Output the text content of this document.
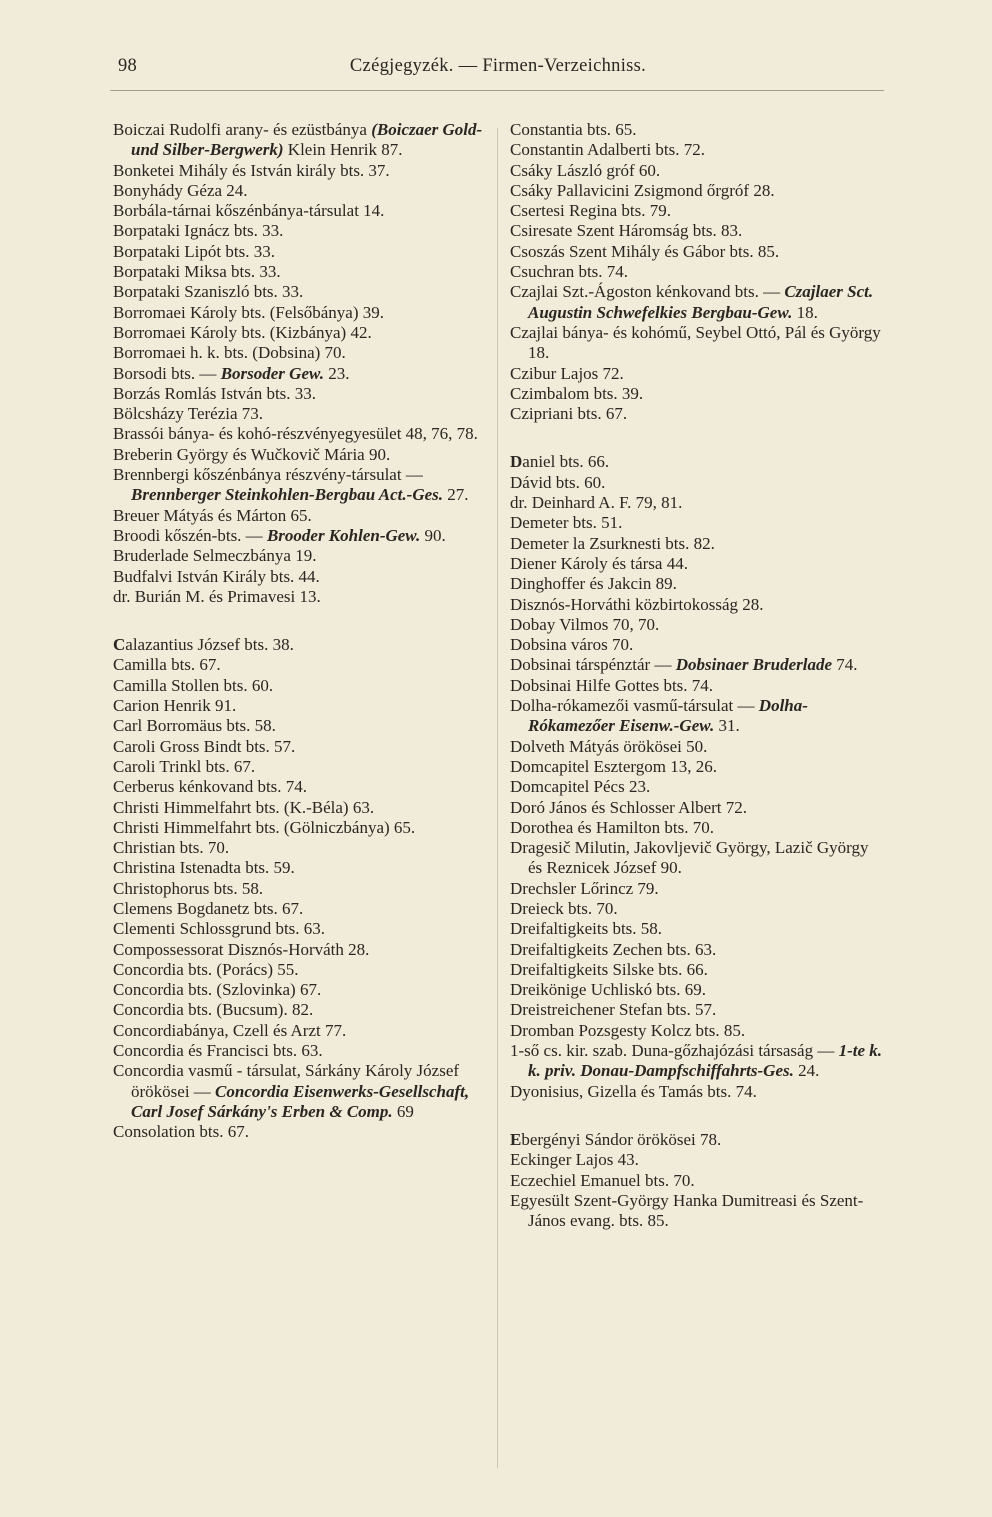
98	Czégjegyzék. — Firmen-Verzeichniss.

Boiczai Rudolfi arany- és ezüstbánya (Boiczaer Gold- und Silber-Bergwerk) Klein Henrik 87.

Bonketei Mihály és István király bts. 37.

Bonyhády Géza 24.

Borbála-tárnai kőszénbánya-társulat 14.

Borpataki Ignácz bts. 33.

Borpataki Lipót bts. 33.

Borpataki Miksa bts. 33.

Borpataki Szaniszló bts. 33.

Borromaei Károly bts. (Felsőbánya) 39.

Borromaei Károly bts. (Kizbánya) 42.

Borromaei h. k. bts. (Dobsina) 70.

Borsodi bts. — Borsoder Gew. 23.

Borzás Romlás István bts. 33.

Bölcsházy Terézia 73.

Brassói bánya- és kohó-részvényegyesület 48, 76, 78.

Breberin György és Wučkovič Mária 90.

Brennbergi kőszénbánya részvény-társulat — Brennberger Steinkohlen-Bergbau Act.-Ges. 27.

Breuer Mátyás és Márton 65.

Broodi kőszén-bts. — Brooder Kohlen-Gew. 90.

Bruderlade Selmeczbánya 19.

Budfalvi István Király bts. 44.

dr. Burián M. és Primavesi 13.

Calazantius József bts. 38.

Camilla bts. 67.

Camilla Stollen bts. 60.

Carion Henrik 91.

Carl Borromäus bts. 58.

Caroli Gross Bindt bts. 57.

Caroli Trinkl bts. 67.

Cerberus kénkovand bts. 74.

Christi Himmelfahrt bts. (K.-Béla) 63.

Christi Himmelfahrt bts. (Gölniczbánya) 65.

Christian bts. 70.

Christina Istenadta bts. 59.

Christophorus bts. 58.

Clemens Bogdanetz bts. 67.

Clementi Schlossgrund bts. 63.

Compossessorat Disznós-Horváth 28.

Concordia bts. (Porács) 55.

Concordia bts. (Szlovinka) 67.

Concordia bts. (Bucsum). 82.

Concordiabánya, Czell és Arzt 77.

Concordia és Francisci bts. 63.

Concordia vasmű - társulat, Sárkány Károly József örökösei — Concordia Eisenwerks-Gesellschaft, Carl Josef Sárkány's Erben & Comp. 69

Consolation bts. 67.

Constantia bts. 65.

Constantin Adalberti bts. 72.

Csáky László gróf 60.

Csáky Pallavicini Zsigmond őrgróf 28.

Csertesi Regina bts. 79.

Csiresate Szent Háromság bts. 83.

Csoszás Szent Mihály és Gábor bts. 85.

Csuchran bts. 74.

Czajlai Szt.-Ágoston kénkovand bts. — Czajlaer Sct. Augustin Schwefelkies Bergbau-Gew. 18.

Czajlai bánya- és kohómű, Seybel Ottó, Pál és György 18.

Czibur Lajos 72.

Czimbalom bts. 39.

Czipriani bts. 67.

Daniel bts. 66.

Dávid bts. 60.

dr. Deinhard A. F. 79, 81.

Demeter bts. 51.

Demeter la Zsurknesti bts. 82.

Diener Károly és társa 44.

Dinghoffer és Jakcin 89.

Disznós-Horváthi közbirtokosság 28.

Dobay Vilmos 70, 70.

Dobsina város 70.

Dobsinai társpénztár — Dobsinaer Bruderlade 74.

Dobsinai Hilfe Gottes bts. 74.

Dolha-rókamezői vasmű-társulat — Dolha-Rókamezőer Eisenw.-Gew. 31.

Dolveth Mátyás örökösei 50.

Domcapitel Esztergom 13, 26.

Domcapitel Pécs 23.

Doró János és Schlosser Albert 72.

Dorothea és Hamilton bts. 70.

Dragesič Milutin, Jakovljevič György, Lazič György és Reznicek József 90.

Drechsler Lőrincz 79.

Dreieck bts. 70.

Dreifaltigkeits bts. 58.

Dreifaltigkeits Zechen bts. 63.

Dreifaltigkeits Silske bts. 66.

Dreikönige Uchliskó bts. 69.

Dreistreichener Stefan bts. 57.

Dromban Pozsgesty Kolcz bts. 85.

1-ső cs. kir. szab. Duna-gőzhajózási társaság — 1-te k. k. priv. Donau-Dampfschiffahrts-Ges. 24.

Dyonisius, Gizella és Tamás bts. 74.

Ebergényi Sándor örökösei 78.

Eckinger Lajos 43.

Eczechiel Emanuel bts. 70.

Egyesült Szent-György Hanka Dumitreasi és Szent-János evang. bts. 85.
